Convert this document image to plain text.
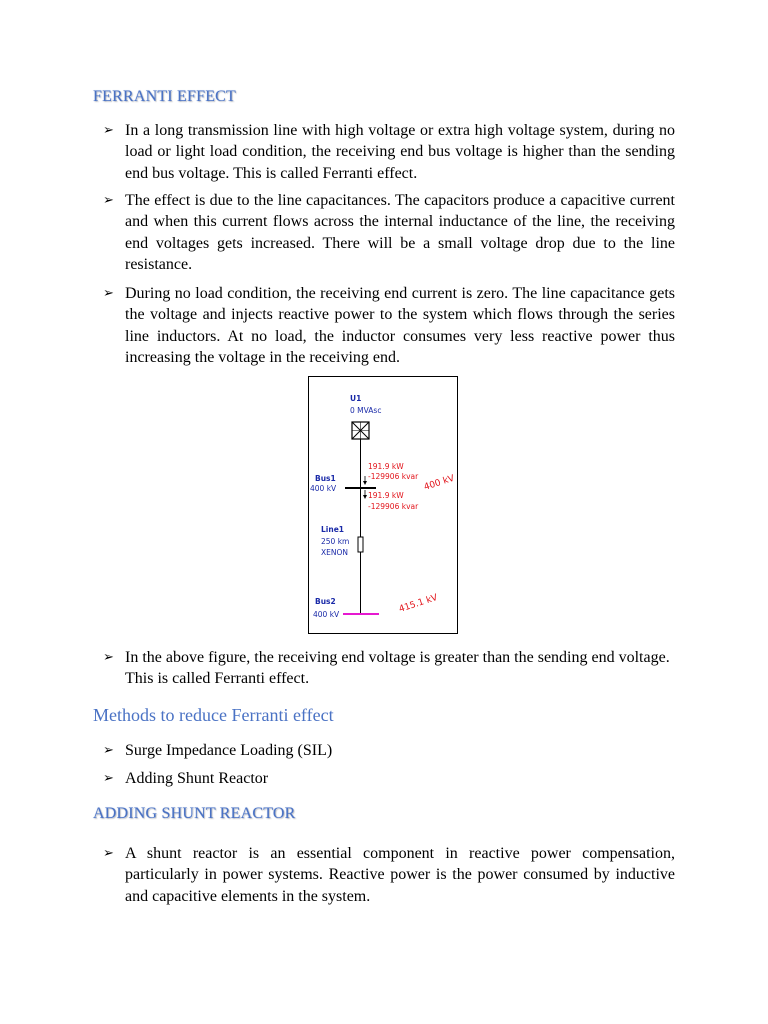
FERRANTI EFFECT
➢ In a long transmission line with high voltage or extra high voltage system, during no load or light load condition, the receiving end bus voltage is higher than the sending end bus voltage. This is called Ferranti effect.
➢ The effect is due to the line capacitances. The capacitors produce a capacitive current and when this current flows across the internal inductance of the line, the receiving end voltages gets increased. There will be a small voltage drop due to the line resistance.
➢ During no load condition, the receiving end current is zero. The line capacitance gets the voltage and injects reactive power to the system which flows through the series line inductors. At no load, the inductor consumes very less reactive power thus increasing the voltage in the receiving end.
U1
0 MVAsc
Bus1
400 kV
191.9 kW
-129906 kvar
191.9 kW
-129906 kvar
400 kV
Line1
250 km
XENON
Bus2
400 kV	415.1 kV
➢ In the above figure, the receiving end voltage is greater than the sending end voltage. This is called Ferranti effect.
Methods to reduce Ferranti effect
➢ Surge Impedance Loading (SIL)
➢ Adding Shunt Reactor
ADDING SHUNT REACTOR
➢ A shunt reactor is an essential component in reactive power compensation, particularly in power systems. Reactive power is the power consumed by inductive and capacitive elements in the system.
